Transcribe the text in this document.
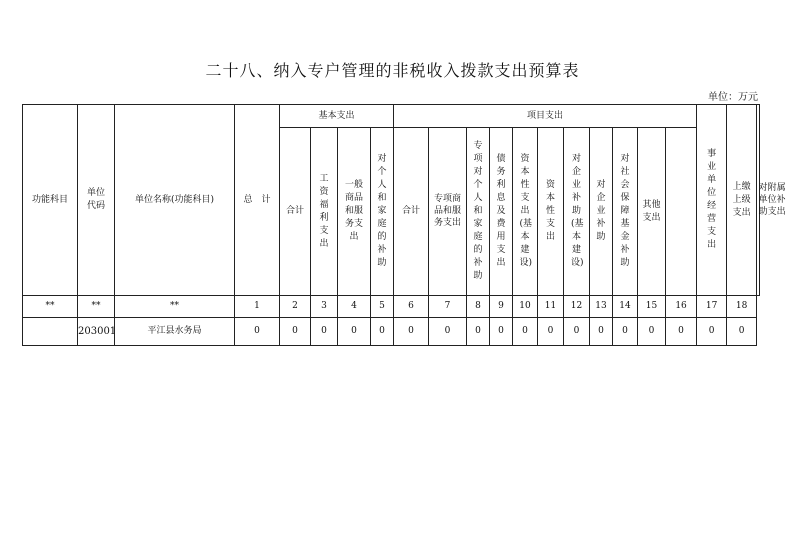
二十八、纳入专户管理的非税收入拨款支出预算表
单位：万元
功能科目	单位代码	单位名称(功能科目)	总　计	基本支出				项目支出											事业单位经营支出	上缴上级支出	对附属单位补助支出
				合计	工资福利支出	一般商品和服务支出	对个人和家庭的补助	合计	专项商品和服务支出	专项对个人和家庭的补助	债务利息及费用支出	资本性支出(基本建设)	资本性支出	对企业补助(基本建设)	对企业补助	对社会保障基金补助	其他支出				
**	**	**	1	2	3	4	5	6	7	8	9	10	11	12	13	14	15	16	17	18	
	203001	平江县水务局	0	0	0	0	0	0	0	0	0	0	0	0	0	0	0	0	0	0	
